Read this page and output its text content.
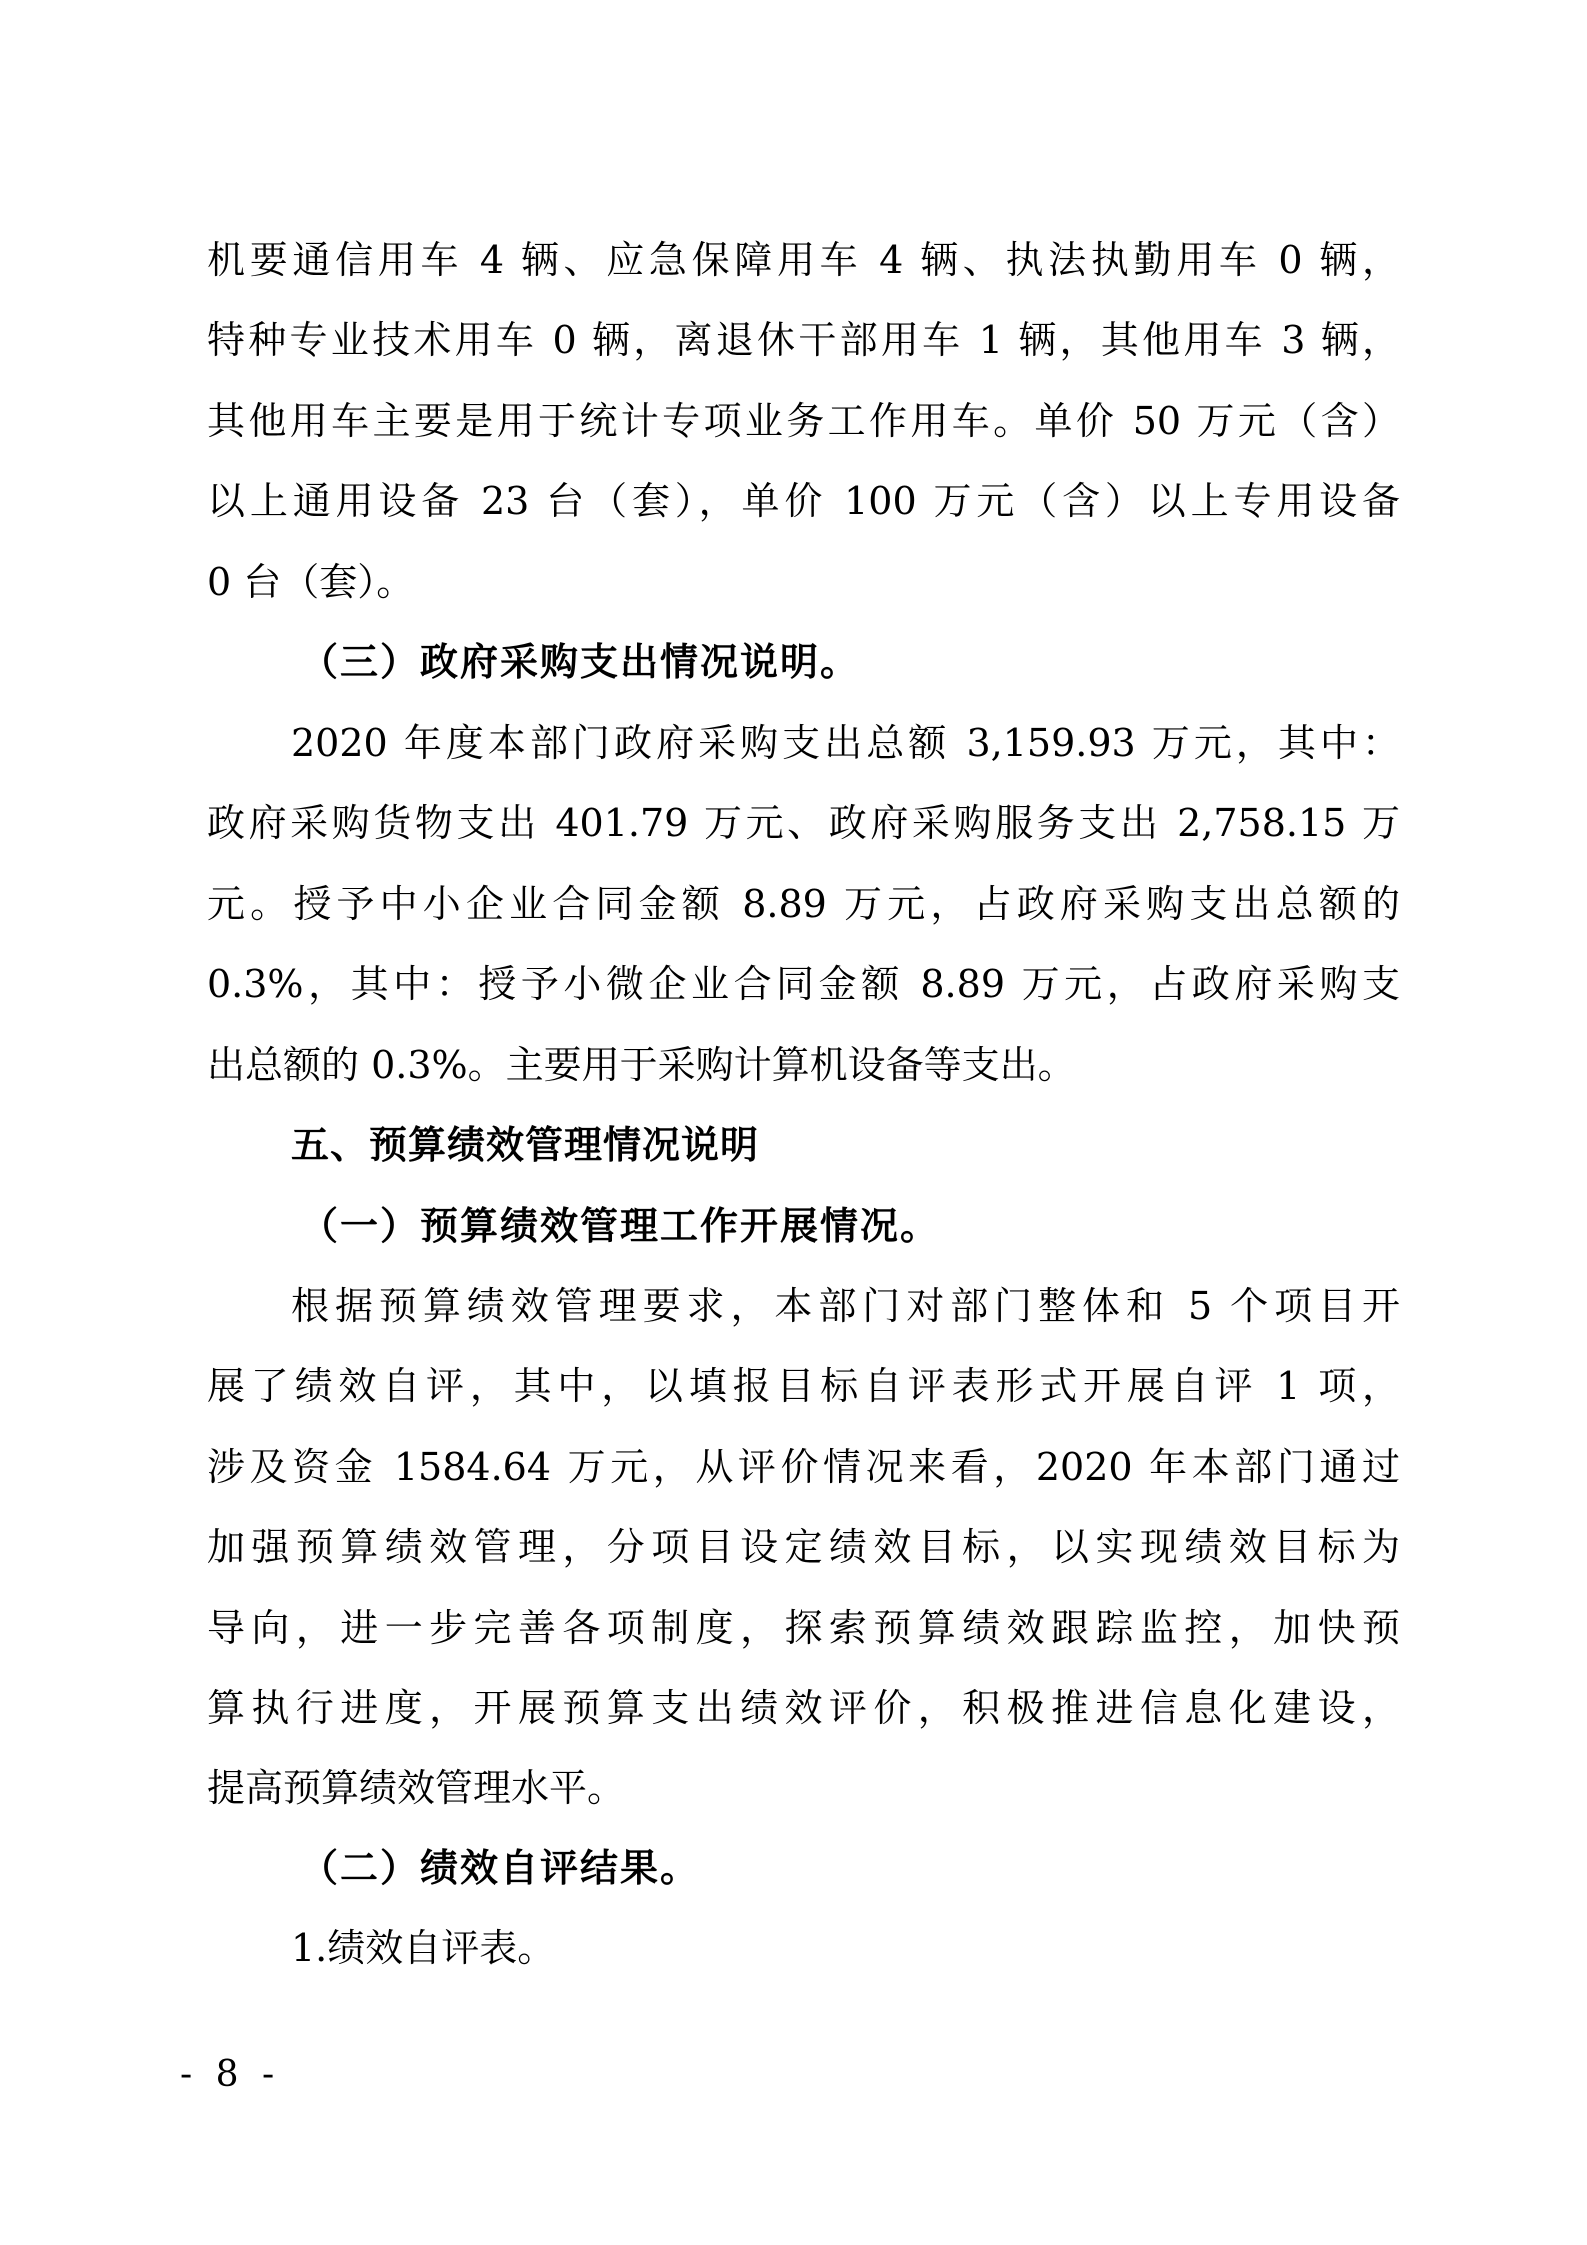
机要通信用车 4 辆、应急保障用车 4 辆、执法执勤用车 0 辆，
特种专业技术用车 0 辆，离退休干部用车 1 辆，其他用车 3 辆，
其他用车主要是用于统计专项业务工作用车。单价 50 万元（含）
以上通用设备 23 台（套），单价 100 万元（含）以上专用设备
0 台（套）。
（三）政府采购支出情况说明。
2020 年度本部门政府采购支出总额 3,159.93 万元，其中：
政府采购货物支出 401.79 万元、政府采购服务支出 2,758.15 万
元。授予中小企业合同金额 8.89 万元，占政府采购支出总额的
0.3%，其中：授予小微企业合同金额 8.89 万元，占政府采购支
出总额的 0.3%。主要用于采购计算机设备等支出。
五、预算绩效管理情况说明
（一）预算绩效管理工作开展情况。
根据预算绩效管理要求，本部门对部门整体和 5 个项目开
展了绩效自评，其中，以填报目标自评表形式开展自评 1 项，
涉及资金 1584.64 万元，从评价情况来看，2020 年本部门通过
加强预算绩效管理，分项目设定绩效目标，以实现绩效目标为
导向，进一步完善各项制度，探索预算绩效跟踪监控，加快预
算执行进度，开展预算支出绩效评价，积极推进信息化建设，
提高预算绩效管理水平。
（二）绩效自评结果。
1.绩效自评表。
- 8 -
